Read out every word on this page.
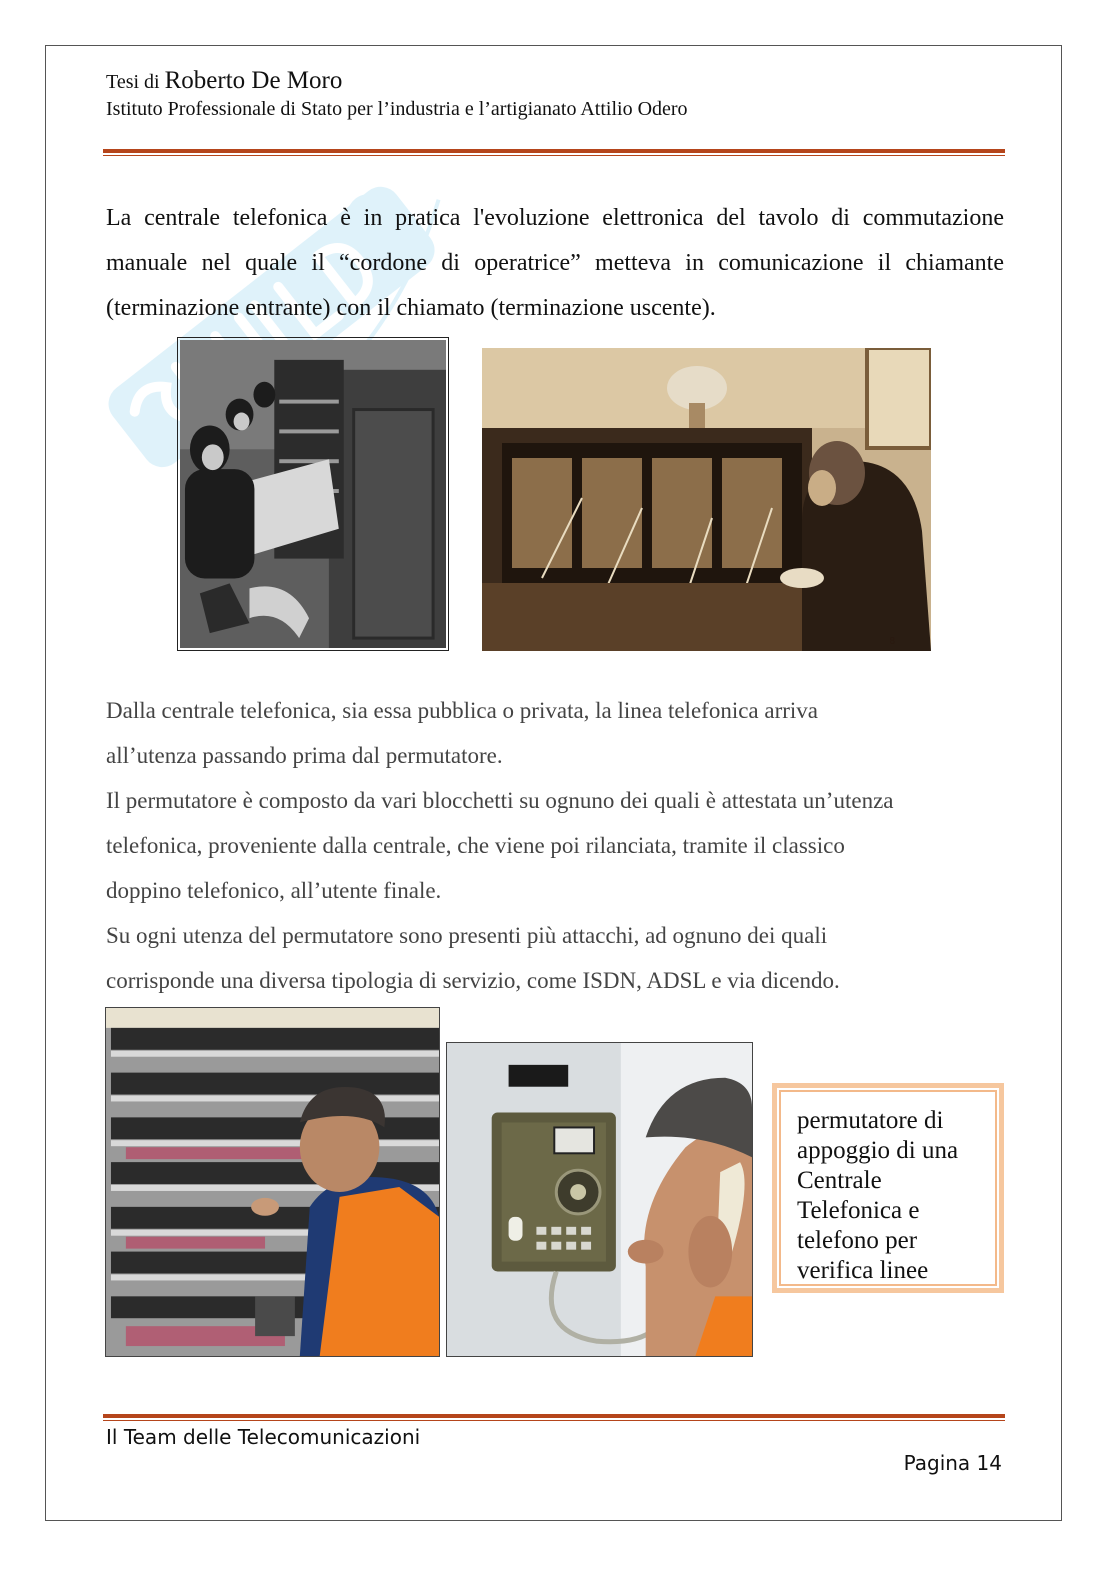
Tesi di Roberto De Moro
Istituto Professionale di Stato per l’industria e l’artigianato Attilio Odero

La centrale telefonica è in pratica l'evoluzione elettronica del tavolo di commutazione manuale nel quale il “cordone di operatrice” metteva in comunicazione il chiamante (terminazione entrante) con il chiamato (terminazione uscente).

8

Dalla centrale telefonica, sia essa pubblica o privata, la linea telefonica arriva

all’utenza passando prima dal permutatore.

Il permutatore è composto da vari blocchetti su ognuno dei quali è attestata un’utenza

telefonica, proveniente dalla centrale, che viene poi rilanciata, tramite il classico

doppino telefonico, all’utente finale.

Su ogni utenza del permutatore sono presenti più attacchi, ad ognuno dei quali

corrisponde una diversa tipologia di servizio, come ISDN, ADSL e via dicendo.

permutatore di
appoggio di una
Centrale
Telefonica e
telefono per
verifica linee
Il Team delle Telecomunicazioni
Pagina 14
